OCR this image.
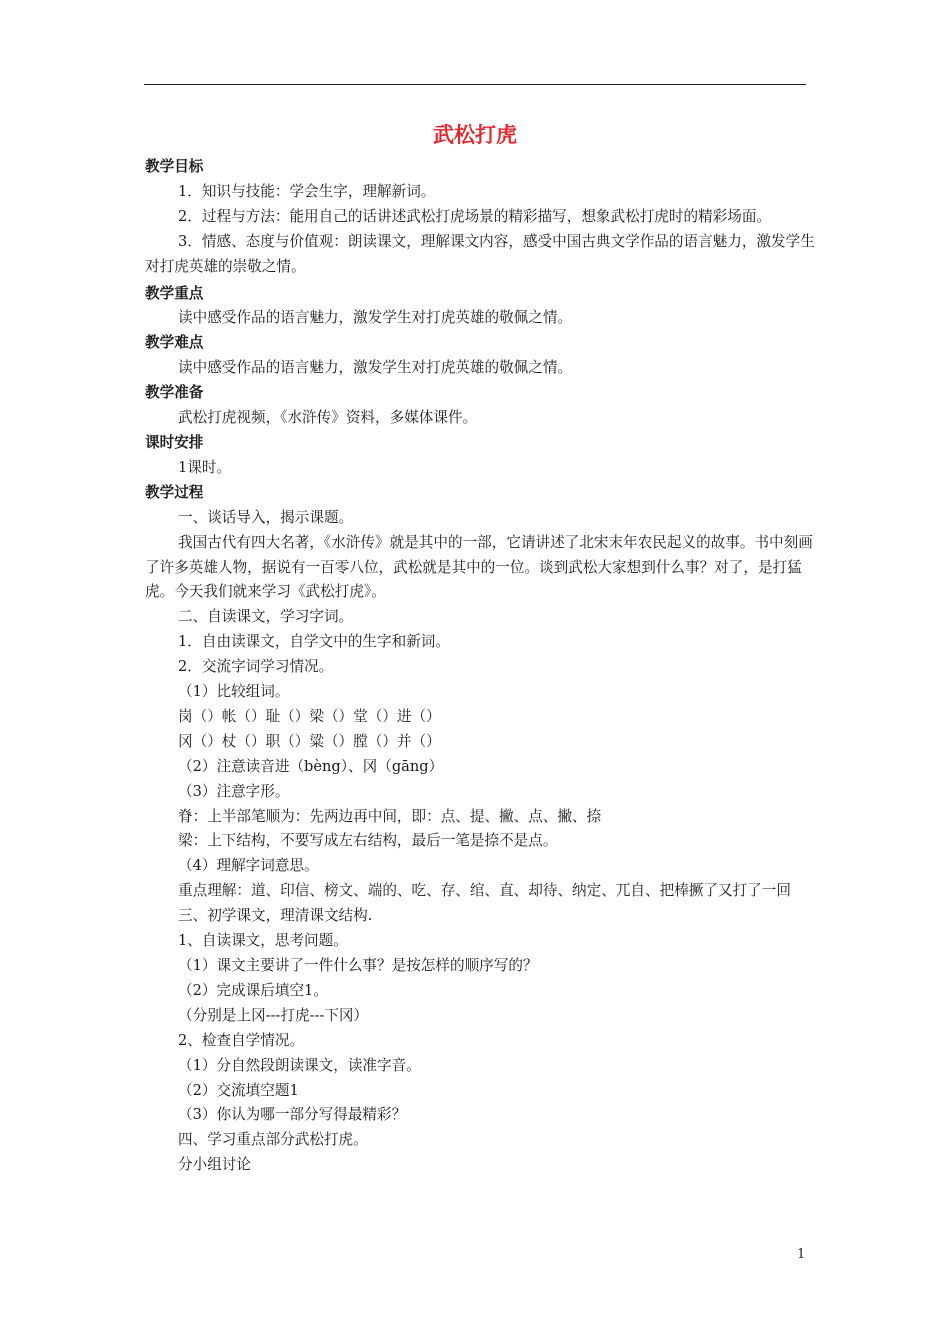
武松打虎
教学目标
1．知识与技能：学会生字，理解新词。
2．过程与方法：能用自己的话讲述武松打虎场景的精彩描写，想象武松打虎时的精彩场面。
3．情感、态度与价值观：朗读课文，理解课文内容，感受中国古典文学作品的语言魅力，激发学生对打虎英雄的崇敬之情。
教学重点
读中感受作品的语言魅力，激发学生对打虎英雄的敬佩之情。
教学难点
读中感受作品的语言魅力，激发学生对打虎英雄的敬佩之情。
教学准备
武松打虎视频，《水浒传》资料，多媒体课件。
课时安排
1课时。
教学过程
一、谈话导入，揭示课题。
我国古代有四大名著，《水浒传》就是其中的一部，它请讲述了北宋末年农民起义的故事。书中刻画了许多英雄人物，据说有一百零八位，武松就是其中的一位。谈到武松大家想到什么事？对了，是打猛虎。今天我们就来学习《武松打虎》。
二、自读课文，学习字词。
1．自由读课文，自学文中的生字和新词。
2．交流字词学习情况。
（1）比较组词。
岗（）帐（）耻（）梁（）堂（）进（）
冈（）杖（）职（）粱（）膛（）并（）
（2）注意读音进（bèng）、冈（gāng）
（3）注意字形。
脊：上半部笔顺为：先两边再中间，即：点、提、撇、点、撇、捺
梁：上下结构，不要写成左右结构，最后一笔是捺不是点。
（4）理解字词意思。
重点理解：道、印信、榜文、端的、吃、存、绾、直、却待、纳定、兀自、把棒撅了又打了一回
三、初学课文，理清课文结构.
1、自读课文，思考问题。
（1）课文主要讲了一件什么事？是按怎样的顺序写的？
（2）完成课后填空1。
（分别是上冈---打虎---下冈）
2、检查自学情况。
（1）分自然段朗读课文，读准字音。
（2）交流填空题1
（3）你认为哪一部分写得最精彩？
四、学习重点部分武松打虎。
分小组讨论
1
